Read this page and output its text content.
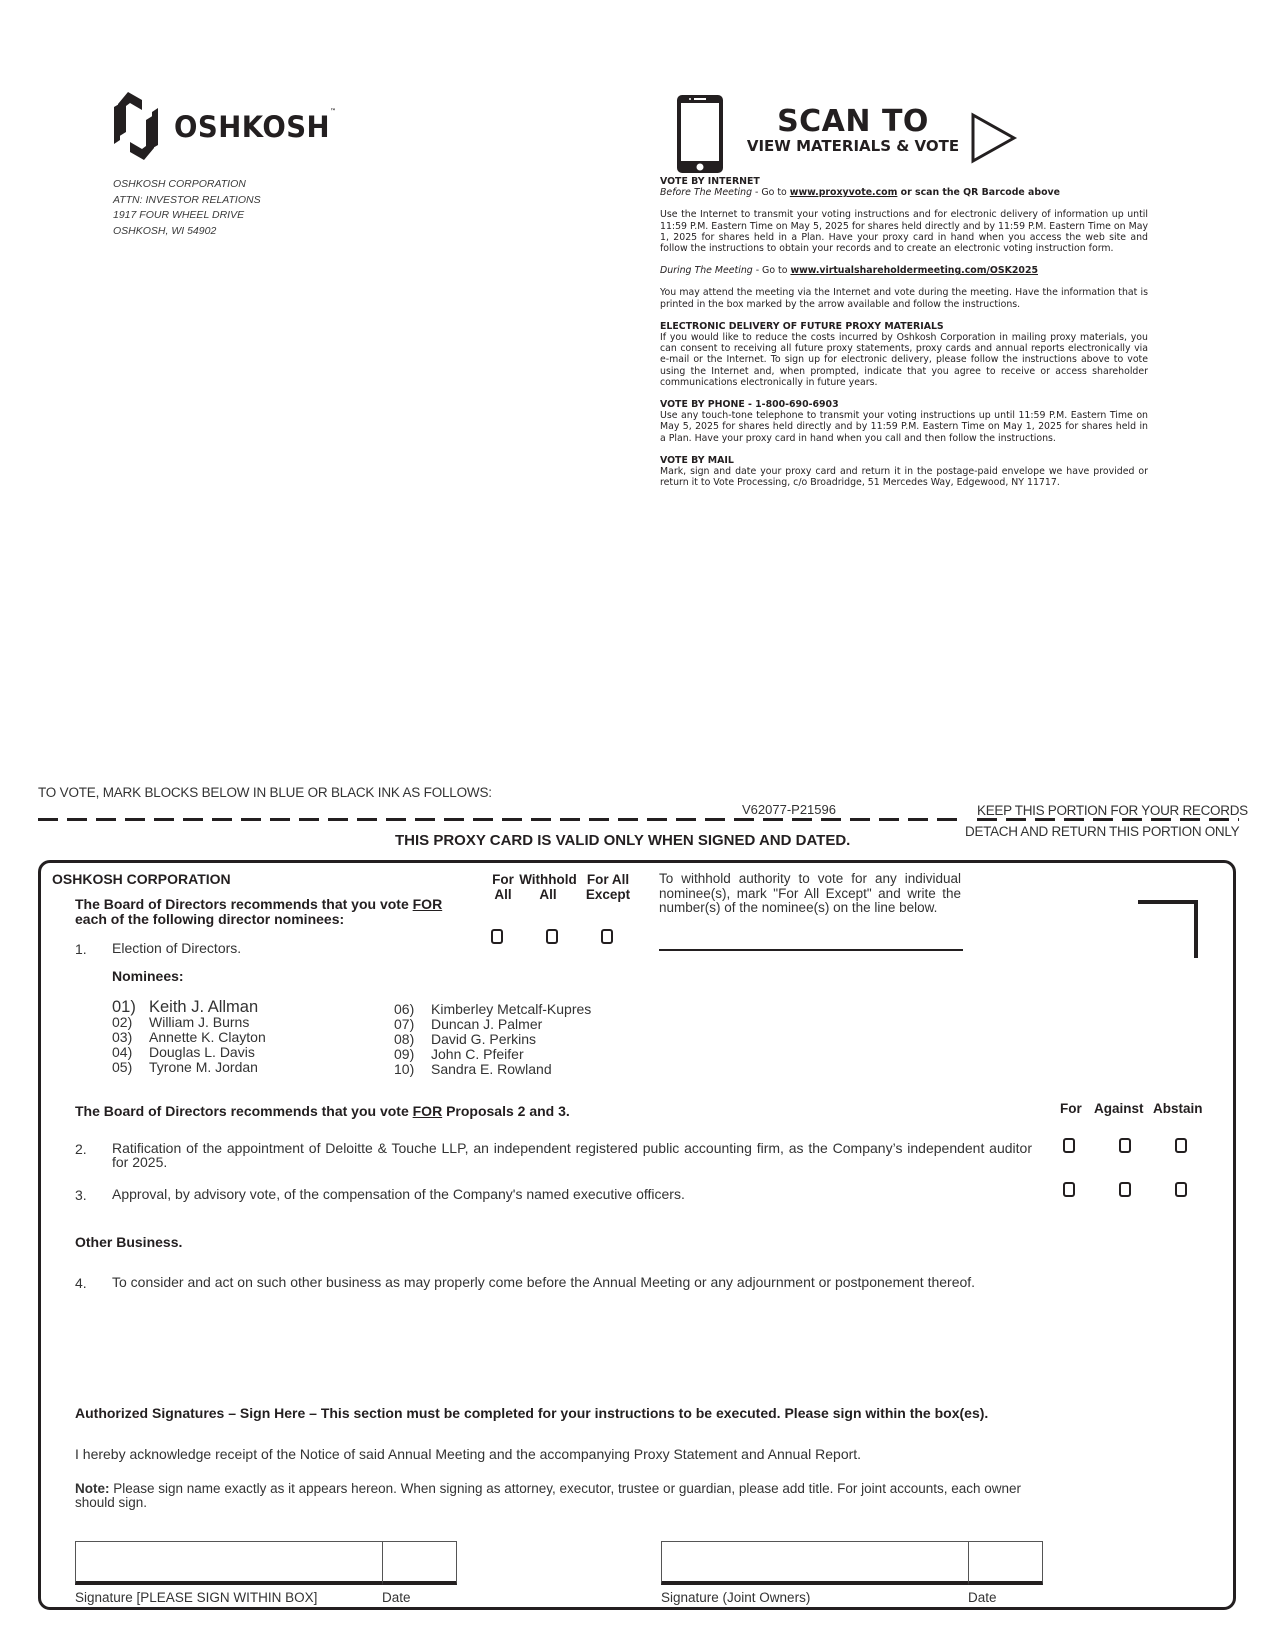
OSHKOSH™
OSHKOSH CORPORATION
ATTN: INVESTOR RELATIONS
1917 FOUR WHEEL DRIVE
OSHKOSH, WI 54902
SCAN TO
VIEW MATERIALS & VOTE

VOTE BY INTERNET

Before The Meeting - Go to www.proxyvote.com or scan the QR Barcode above

Use the Internet to transmit your voting instructions and for electronic delivery of information up until 11:59 P.M. Eastern Time on May 5, 2025 for shares held directly and by 11:59 P.M. Eastern Time on May 1, 2025 for shares held in a Plan. Have your proxy card in hand when you access the web site and follow the instructions to obtain your records and to create an electronic voting instruction form.

During The Meeting - Go to www.virtualshareholdermeeting.com/OSK2025

You may attend the meeting via the Internet and vote during the meeting. Have the information that is printed in the box marked by the arrow available and follow the instructions.

ELECTRONIC DELIVERY OF FUTURE PROXY MATERIALS

If you would like to reduce the costs incurred by Oshkosh Corporation in mailing proxy materials, you can consent to receiving all future proxy statements, proxy cards and annual reports electronically via e-mail or the Internet. To sign up for electronic delivery, please follow the instructions above to vote using the Internet and, when prompted, indicate that you agree to receive or access shareholder communications electronically in future years.

VOTE BY PHONE - 1-800-690-6903

Use any touch-tone telephone to transmit your voting instructions up until 11:59 P.M. Eastern Time on May 5, 2025 for shares held directly and by 11:59 P.M. Eastern Time on May 1, 2025 for shares held in a Plan. Have your proxy card in hand when you call and then follow the instructions.

VOTE BY MAIL

Mark, sign and date your proxy card and return it in the postage-paid envelope we have provided or return it to Vote Processing, c/o Broadridge, 51 Mercedes Way, Edgewood, NY 11717.

TO VOTE, MARK BLOCKS BELOW IN BLUE OR BLACK INK AS FOLLOWS:
V62077-P21596	KEEP THIS PORTION FOR YOUR RECORDS
DETACH AND RETURN THIS PORTION ONLY
THIS PROXY CARD IS VALID ONLY WHEN SIGNED AND DATED.
OSHKOSH CORPORATION
The Board of Directors recommends that you vote FOR
each of the following director nominees:
For
All
Withhold
All
For All
Except
To withhold authority to vote for any individual nominee(s), mark "For All Except" and write the number(s) of the nominee(s) on the line below.
1. Election of Directors.
Nominees:
01) Keith J. Allman
02) William J. Burns
03) Annette K. Clayton
04) Douglas L. Davis
05) Tyrone M. Jordan
06) Kimberley Metcalf-Kupres
07) Duncan J. Palmer
08) David G. Perkins
09) John C. Pfeifer
10) Sandra E. Rowland
The Board of Directors recommends that you vote FOR Proposals 2 and 3.	For Against Abstain
2. Ratification of the appointment of Deloitte & Touche LLP, an independent registered public accounting firm, as the Company’s independent auditor for 2025.
3. Approval, by advisory vote, of the compensation of the Company's named executive officers.
Other Business.
4. To consider and act on such other business as may properly come before the Annual Meeting or any adjournment or postponement thereof.
Authorized Signatures – Sign Here – This section must be completed for your instructions to be executed. Please sign within the box(es).
I hereby acknowledge receipt of the Notice of said Annual Meeting and the accompanying Proxy Statement and Annual Report.
Note: Please sign name exactly as it appears hereon. When signing as attorney, executor, trustee or guardian, please add title. For joint accounts, each owner should sign.
Signature [PLEASE SIGN WITHIN BOX]	Date	Signature (Joint Owners)	Date
